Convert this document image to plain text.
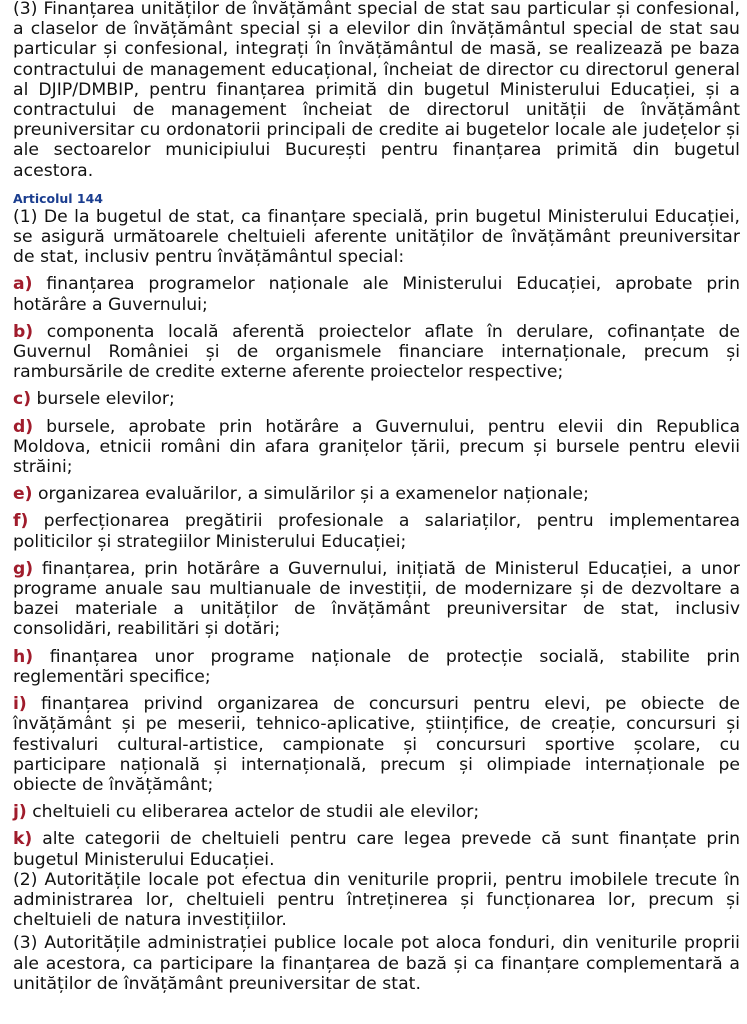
(3) Finanțarea unităților de învățământ special de stat sau particular și confesional, a claselor de învățământ special și a elevilor din învățământul special de stat sau particular și confesional, integrați în învățământul de masă, se realizează pe baza contractului de management educațional, încheiat de director cu directorul general al DJIP/DMBIP, pentru finanțarea primită din bugetul Ministerului Educației, și a contractului de management încheiat de directorul unității de învățământ preuniversitar cu ordonatorii principali de credite ai bugetelor locale ale județelor și ale sectoarelor municipiului București pentru finanțarea primită din bugetul acestora.

Articolul 144

(1) De la bugetul de stat, ca finanțare specială, prin bugetul Ministerului Educației, se asigură următoarele cheltuieli aferente unităților de învățământ preuniversitar de stat, inclusiv pentru învățământul special:

a) finanțarea programelor naționale ale Ministerului Educației, aprobate prin hotărâre a Guvernului;
b) componenta locală aferentă proiectelor aflate în derulare, cofinanțate de Guvernul României și de organismele financiare internaționale, precum și rambursările de credite externe aferente proiectelor respective;
c) bursele elevilor;
d) bursele, aprobate prin hotărâre a Guvernului, pentru elevii din Republica Moldova, etnicii români din afara granițelor țării, precum și bursele pentru elevii străini;
e) organizarea evaluărilor, a simulărilor și a examenelor naționale;
f) perfecționarea pregătirii profesionale a salariaților, pentru implementarea politicilor și strategiilor Ministerului Educației;
g) finanțarea, prin hotărâre a Guvernului, inițiată de Ministerul Educației, a unor programe anuale sau multianuale de investiții, de modernizare și de dezvoltare a bazei materiale a unităților de învățământ preuniversitar de stat, inclusiv consolidări, reabilitări și dotări;
h) finanțarea unor programe naționale de protecție socială, stabilite prin reglementări specifice;
i) finanțarea privind organizarea de concursuri pentru elevi, pe obiecte de învățământ și pe meserii, tehnico-aplicative, științifice, de creație, concursuri și festivaluri cultural-artistice, campionate și concursuri sportive școlare, cu participare națională și internațională, precum și olimpiade internaționale pe obiecte de învățământ;
j) cheltuieli cu eliberarea actelor de studii ale elevilor;
k) alte categorii de cheltuieli pentru care legea prevede că sunt finanțate prin bugetul Ministerului Educației.

(2) Autoritățile locale pot efectua din veniturile proprii, pentru imobilele trecute în administrarea lor, cheltuieli pentru întreținerea și funcționarea lor, precum și cheltuieli de natura investițiilor.

(3) Autoritățile administrației publice locale pot aloca fonduri, din veniturile proprii ale acestora, ca participare la finanțarea de bază și ca finanțare complementară a unităților de învățământ preuniversitar de stat.
